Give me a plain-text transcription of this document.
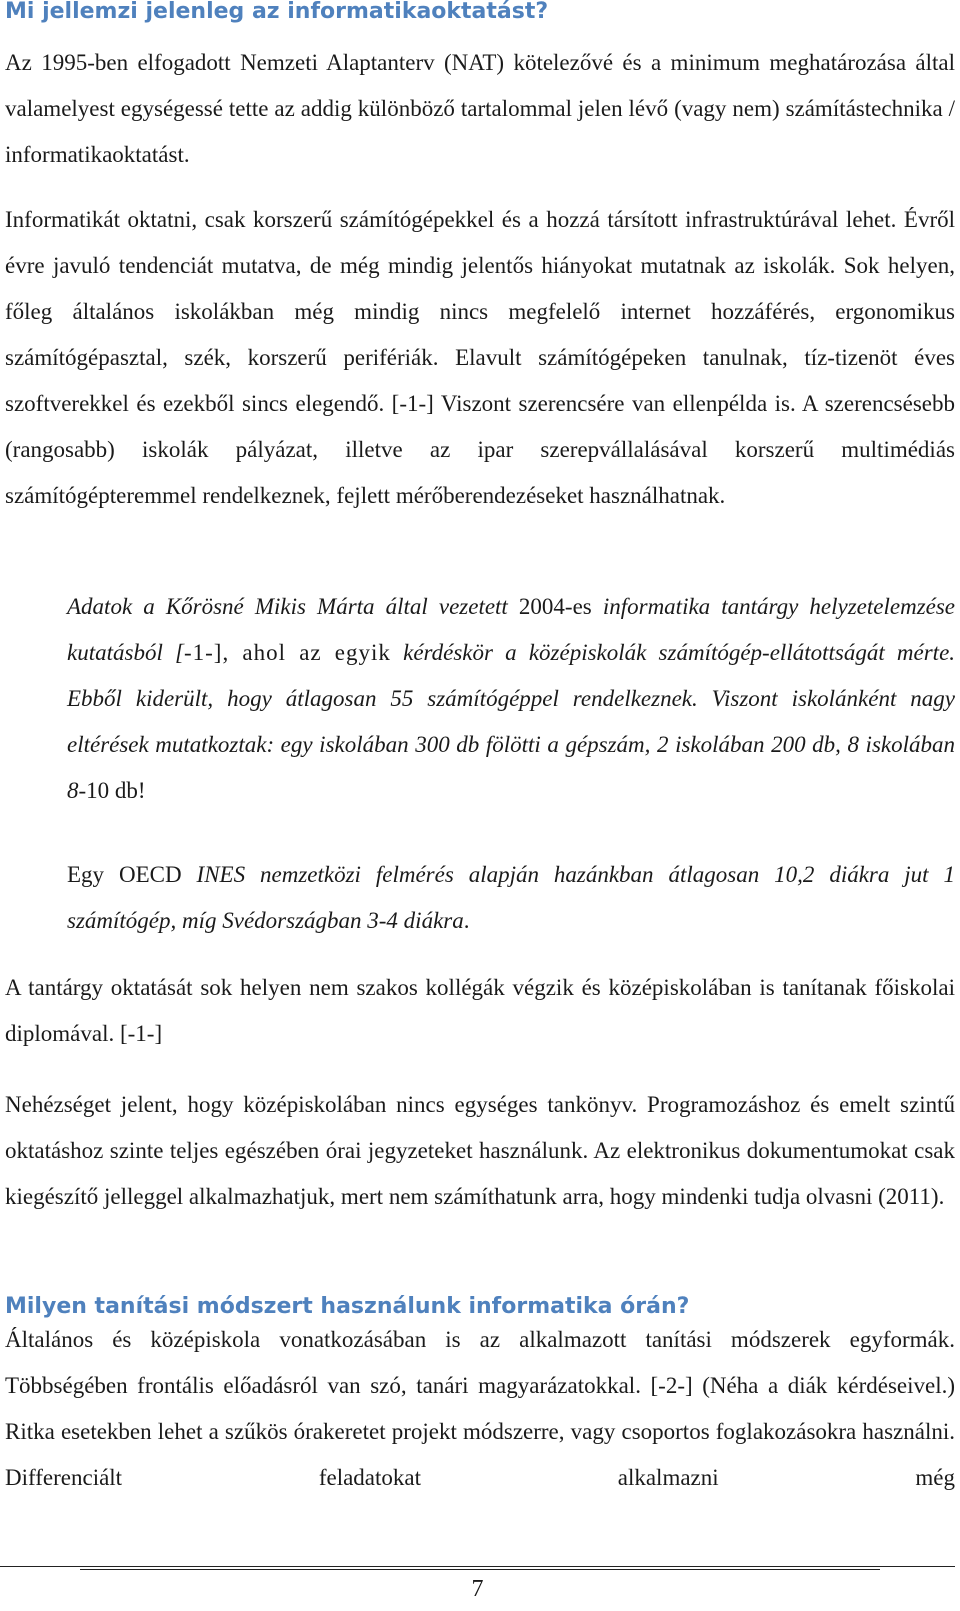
Mi jellemzi jelenleg az informatikaoktatást?

Az 1995-ben elfogadott Nemzeti Alaptanterv (NAT) kötelezővé és a minimum meghatározása által valamelyest egységessé tette az addig különböző tartalommal jelen lévő (vagy nem) számítástechnika / informatikaoktatást.

Informatikát oktatni, csak korszerű számítógépekkel és a hozzá társított infrastruktúrával lehet. Évről évre javuló tendenciát mutatva, de még mindig jelentős hiányokat mutatnak az iskolák. Sok helyen, főleg általános iskolákban még mindig nincs megfelelő internet hozzáférés, ergonomikus számítógépasztal, szék, korszerű perifériák. Elavult számítógépeken tanulnak, tíz-tizenöt éves szoftverekkel és ezekből sincs elegendő. [-1-] Viszont szerencsére van ellenpélda is. A szerencsésebb (rangosabb) iskolák pályázat, illetve az ipar szerepvállalásával korszerű multimédiás számítógépteremmel rendelkeznek, fejlett mérőberendezéseket használhatnak.

Adatok a Kőrösné Mikis Márta által vezetett 2004-es informatika tantárgy helyzetelemzése kutatásból [-1-], ahol az egyik kérdéskör a középiskolák számítógép-ellátottságát mérte. Ebből kiderült, hogy átlagosan 55 számítógéppel rendelkeznek. Viszont iskolánként nagy eltérések mutatkoztak: egy iskolában 300 db fölötti a gépszám, 2 iskolában 200 db, 8 iskolában 8-10 db!

Egy OECD INES nemzetközi felmérés alapján hazánkban átlagosan 10,2 diákra jut 1 számítógép, míg Svédországban 3-4 diákra.

A tantárgy oktatását sok helyen nem szakos kollégák végzik és középiskolában is tanítanak főiskolai diplomával. [-1-]

Nehézséget jelent, hogy középiskolában nincs egységes tankönyv. Programozáshoz és emelt szintű oktatáshoz szinte teljes egészében órai jegyzeteket használunk. Az elektronikus dokumentumokat csak kiegészítő jelleggel alkalmazhatjuk, mert nem számíthatunk arra, hogy mindenki tudja olvasni (2011).

Milyen tanítási módszert használunk informatika órán?

Általános és középiskola vonatkozásában is az alkalmazott tanítási módszerek egyformák. Többségében frontális előadásról van szó, tanári magyarázatokkal. [-2-] (Néha a diák kérdéseivel.) Ritka esetekben lehet a szűkös órakeretet projekt módszerre, vagy csoportos foglakozásokra használni. Differenciált feladatokat alkalmazni még

7
